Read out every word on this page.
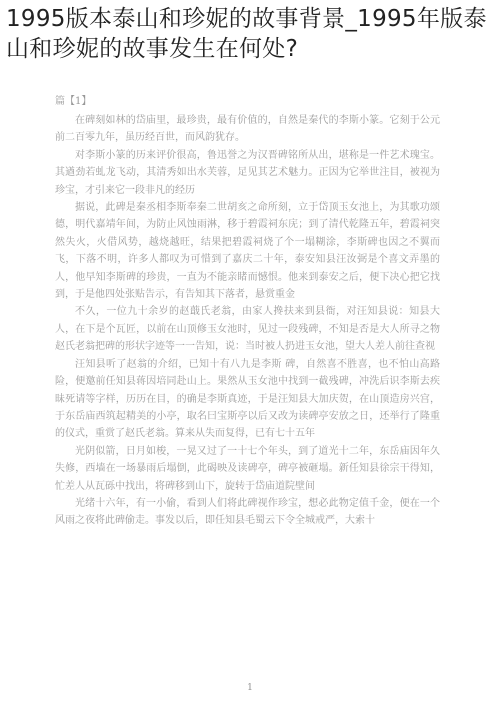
1995版本泰山和珍妮的故事背景_1995年版泰山和珍妮的故事发生在何处?

篇【1】

在碑刻如林的岱庙里，最珍贵，最有价值的，自然是秦代的李斯小篆。它刻于公元前二百零九年，虽历经百世，而风韵犹存。

对李斯小篆的历来评价很高，鲁迅誉之为汉晋碑铭所从出，堪称是一件艺术瑰宝。其遒劲若虬龙飞动，其清秀如出水芙蓉，足见其艺术魅力。正因为它举世注目，被视为珍宝，才引来它一段非凡的经历

据说，此碑是秦丞相李斯奉秦二世胡亥之命所刻，立于岱顶玉女池上，为其歌功颂德，明代嘉靖年间，为防止风蚀雨淋，移于碧霞祠东庑；到了清代乾隆五年，碧霞祠突然失火，火借风势，越烧越旺，结果把碧霞祠烧了个一塌糊涂，李斯碑也因之不翼而飞，下落不明，许多人都叹为可惜到了嘉庆二十年，泰安知县汪汝弼是个喜文弄墨的人，他早知李斯碑的珍贵，一直为不能亲睹而憾恨。他来到泰安之后，便下决心把它找到，于是他四处张贴告示，有告知其下落者，悬赏重金

不久，一位九十余岁的赵蕺氏老翁，由家人搀扶来到县衙，对汪知县说：知县大人，在下是个瓦匠，以前在山顶修玉女池时，见过一段残碑，不知是否是大人所寻之物赵氏老翁把碑的形状字迹等一一告知，说：当时被人扔进玉女池，望大人差人前往查视

汪知县听了赵翁的介绍，已知十有八九是李斯 碑，自然喜不胜喜，也不怕山高路险，便邀前任知县蒋因培同赴山上。果然从玉女池中找到一截残碑，冲洗后识李斯去疾昧死请等字样，历历在目，的确是李斯真迹，于是汪知县大加庆贺，在山顶造房兴宫，于东岳庙西筑起精美的小亭，取名曰宝斯亭以后又改为读碑亭安放之日，还举行了隆重的仪式，重赏了赵氏老翁。算来从失而复得，已有七十五年

光阴似箭，日月如梭，一晃又过了一十七个年头，到了道光十二年，东岳庙因年久失修，西墙在一场暴雨后塌倒，此碣映及读碑亭，碑亭被砸塌。新任知县徐宗干得知，忙差人从瓦砾中找出，将碑移到山下，旋转于岱庙道院壁间

光绪十六年，有一小偷，看到人们将此碑视作珍宝，想必此物定值千金，便在一个风雨之夜将此碑偷走。事发以后，即任知县毛蜀云下令全城戒严，大索十

1
